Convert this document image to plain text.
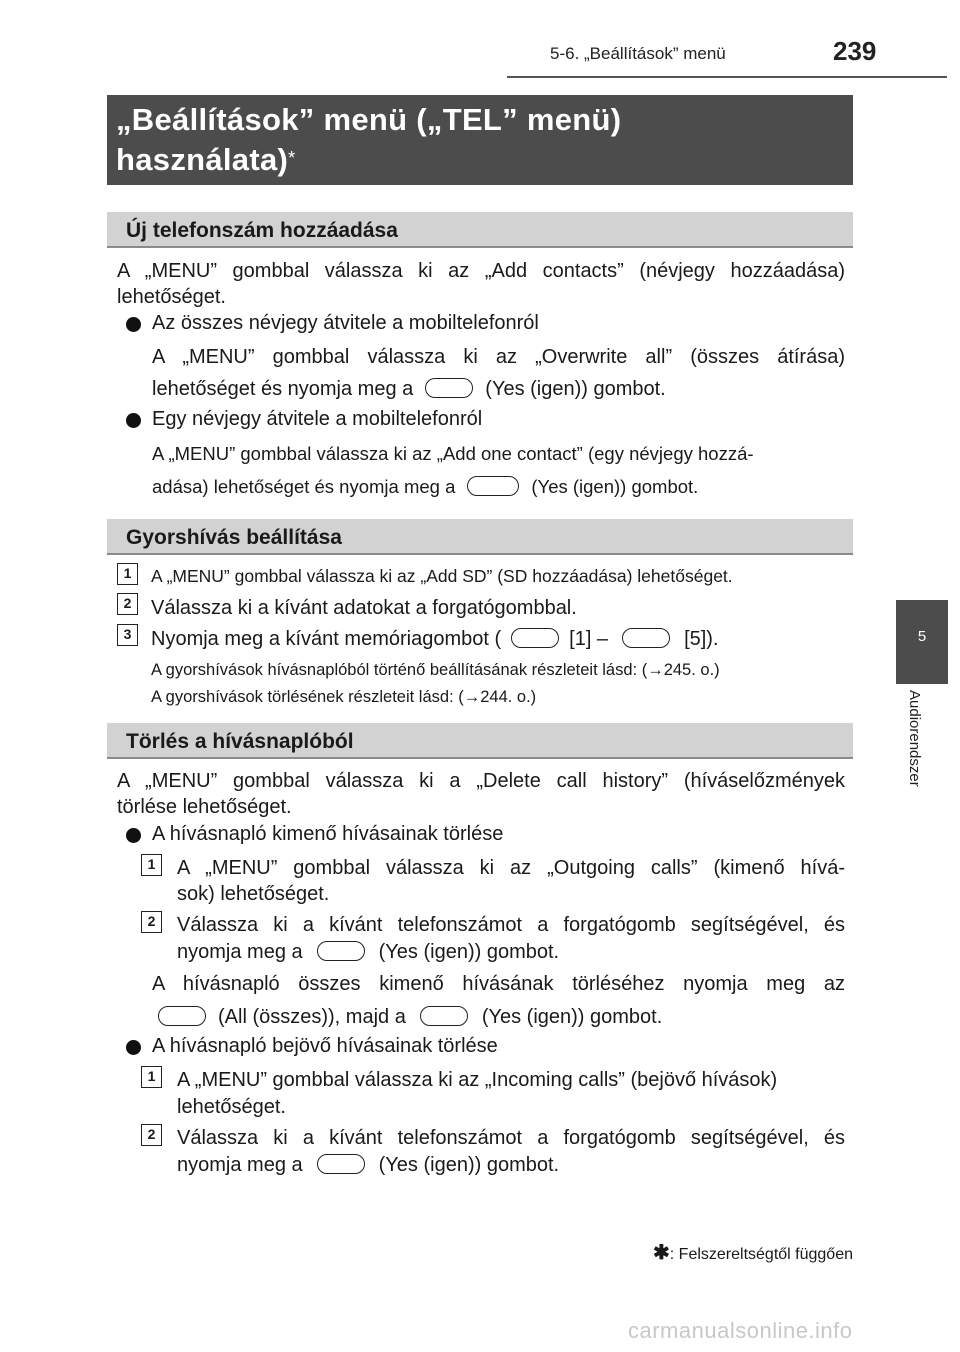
5-6. „Beállítások” menü	239
„Beállítások” menü („TEL” menü)
használata)*
5
Audiorendszer
Új telefonszám hozzáadása
A „MENU” gombbal válassza ki az „Add contacts” (névjegy hozzáadása)
lehetőséget.
Az összes névjegy átvitele a mobiltelefonról
A „MENU” gombbal válassza ki az „Overwrite all” (összes átírása)
lehetőséget és nyomja meg a	(Yes (igen)) gombot.
Egy névjegy átvitele a mobiltelefonról
A „MENU” gombbal válassza ki az „Add one contact” (egy névjegy hozzá-
adása) lehetőséget és nyomja meg a	(Yes (igen)) gombot.
Gyorshívás beállítása
1	A „MENU” gombbal válassza ki az „Add SD” (SD hozzáadása) lehetőséget.
2 Válassza ki a kívánt adatokat a forgatógombbal.
3 Nyomja meg a kívánt memóriagombot (	[1] –	[5]).
A gyorshívások hívásnaplóból történő beállításának részleteit lásd: (→245. o.)
A gyorshívások törlésének részleteit lásd: (→244. o.)
Törlés a hívásnaplóból
A „MENU” gombbal válassza ki a „Delete call history” (híváselőzmények
törlése lehetőséget.
A hívásnapló kimenő hívásainak törlése
1	A „MENU” gombbal válassza ki az „Outgoing calls” (kimenő hívá-
sok) lehetőséget.
2	Válassza ki a kívánt telefonszámot a forgatógomb segítségével, és
nyomja meg a	(Yes (igen)) gombot.
A hívásnapló összes kimenő hívásának törléséhez nyomja meg az
(All (összes)), majd a	(Yes (igen)) gombot.
A hívásnapló bejövő hívásainak törlése
1	A „MENU” gombbal válassza ki az „Incoming calls” (bejövő hívások)
lehetőséget.
2	Válassza ki a kívánt telefonszámot a forgatógomb segítségével, és
nyomja meg a	(Yes (igen)) gombot.
✱: Felszereltségtől függően
carmanualsonline.info
